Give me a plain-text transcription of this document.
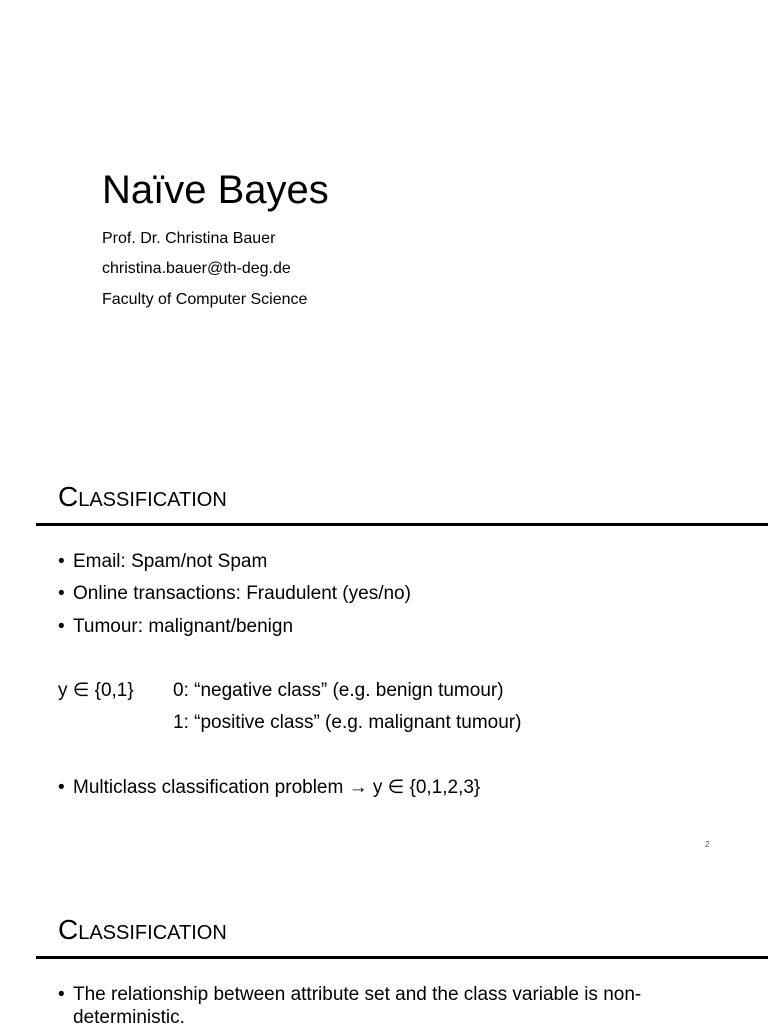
Naïve Bayes

Prof. Dr. Christina Bauer

christina.bauer@th-deg.de

Faculty of Computer Science

Classification

• Email: Spam/not Spam

• Online transactions: Fraudulent (yes/no)

• Tumour: malignant/benign

y ∈ {0,1} 0: “negative class” (e.g. benign tumour)

1: “positive class” (e.g. malignant tumour)

• Multiclass classification problem → y ∈ {0,1,2,3}

2
Classification

• The relationship between attribute set and the class variable is non-

deterministic.
